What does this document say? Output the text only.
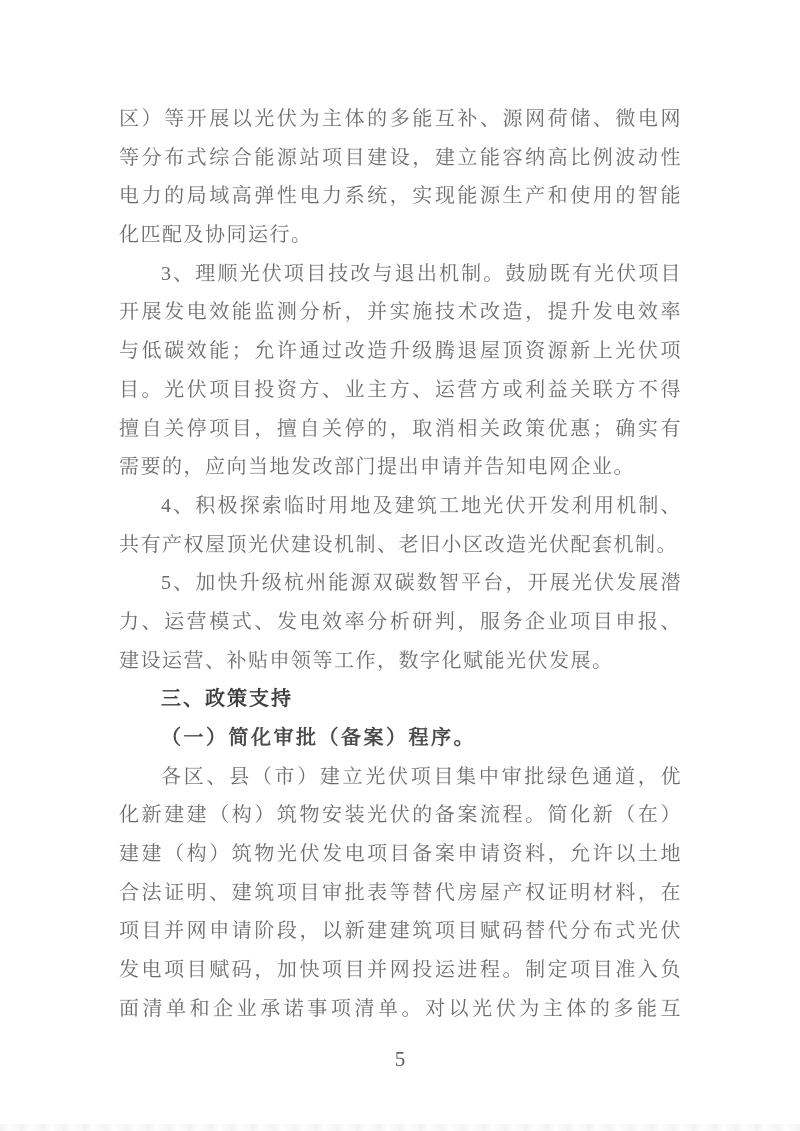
区）等开展以光伏为主体的多能互补、源网荷储、微电网
等分布式综合能源站项目建设，建立能容纳高比例波动性
电力的局域高弹性电力系统，实现能源生产和使用的智能
化匹配及协同运行。
3、理顺光伏项目技改与退出机制。鼓励既有光伏项目
开展发电效能监测分析，并实施技术改造，提升发电效率
与低碳效能；允许通过改造升级腾退屋顶资源新上光伏项
目。光伏项目投资方、业主方、运营方或利益关联方不得
擅自关停项目，擅自关停的，取消相关政策优惠；确实有
需要的，应向当地发改部门提出申请并告知电网企业。
4、积极探索临时用地及建筑工地光伏开发利用机制、
共有产权屋顶光伏建设机制、老旧小区改造光伏配套机制。
5、加快升级杭州能源双碳数智平台，开展光伏发展潜
力、运营模式、发电效率分析研判，服务企业项目申报、
建设运营、补贴申领等工作，数字化赋能光伏发展。
三、政策支持
（一）简化审批（备案）程序。
各区、县（市）建立光伏项目集中审批绿色通道，优
化新建建（构）筑物安装光伏的备案流程。简化新（在）
建建（构）筑物光伏发电项目备案申请资料，允许以土地
合法证明、建筑项目审批表等替代房屋产权证明材料，在
项目并网申请阶段，以新建建筑项目赋码替代分布式光伏
发电项目赋码，加快项目并网投运进程。制定项目准入负
面清单和企业承诺事项清单。对以光伏为主体的多能互
5
